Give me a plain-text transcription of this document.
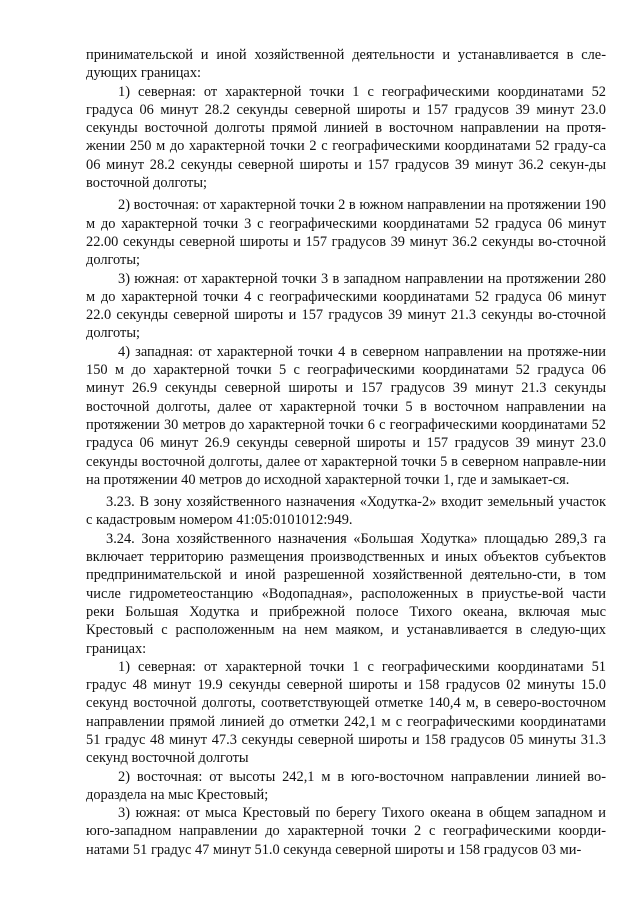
принимательской и иной хозяйственной деятельности и устанавливается в сле-дующих границах:

1) северная: от характерной точки 1 с географическими координатами 52 градуса 06 минут 28.2 секунды северной широты и 157 градусов 39 минут 23.0 секунды восточной долготы прямой линией в восточном направлении на протя-жении 250 м до характерной точки 2 с географическими координатами 52 граду-са 06 минут 28.2 секунды северной широты и 157 градусов 39 минут 36.2 секун-ды восточной долготы;

2) восточная: от характерной точки 2 в южном направлении на протяжении 190 м до характерной точки 3 с географическими координатами 52 градуса 06 минут 22.00 секунды северной широты и 157 градусов 39 минут 36.2 секунды во-сточной долготы;

3) южная: от характерной точки 3 в западном направлении на протяжении 280 м до характерной точки 4 с географическими координатами 52 градуса 06 минут 22.0 секунды северной широты и 157 градусов 39 минут 21.3 секунды во-сточной долготы;

4) западная: от характерной точки 4 в северном направлении на протяже-нии 150 м до характерной точки 5 с географическими координатами 52 градуса 06 минут 26.9 секунды северной широты и 157 градусов 39 минут 21.3 секунды восточной долготы, далее от характерной точки 5 в восточном направлении на протяжении 30 метров до характерной точки 6 с географическими координатами 52 градуса 06 минут 26.9 секунды северной широты и 157 градусов 39 минут 23.0 секунды восточной долготы, далее от характерной точки 5 в северном направле-нии на протяжении 40 метров до исходной характерной точки 1, где и замыкает-ся.

3.23. В зону хозяйственного назначения «Ходутка-2» входит земельный участок с кадастровым номером 41:05:0101012:949.

3.24. Зона хозяйственного назначения «Большая Ходутка» площадью 289,3 га включает территорию размещения производственных и иных объектов субъектов предпринимательской и иной разрешенной хозяйственной деятельно-сти, в том числе гидрометеостанцию «Водопадная», расположенных в приустье-вой части реки Большая Ходутка и прибрежной полосе Тихого океана, включая мыс Крестовый с расположенным на нем маяком, и устанавливается в следую-щих границах:

1) северная: от характерной точки 1 с географическими координатами 51 градус 48 минут 19.9 секунды северной широты и 158 градусов 02 минуты 15.0 секунд восточной долготы, соответствующей отметке 140,4 м, в северо-восточном направлении прямой линией до отметки 242,1 м с географическими координатами 51 градус 48 минут 47.3 секунды северной широты и 158 градусов 05 минуты 31.3 секунд восточной долготы

2) восточная: от высоты 242,1 м в юго-восточном направлении линией во-дораздела на мыс Крестовый;

3) южная: от мыса Крестовый по берегу Тихого океана в общем западном и юго-западном направлении до характерной точки 2 с географическими коорди-натами 51 градус 47 минут 51.0 секунда северной широты и 158 градусов 03 ми-
